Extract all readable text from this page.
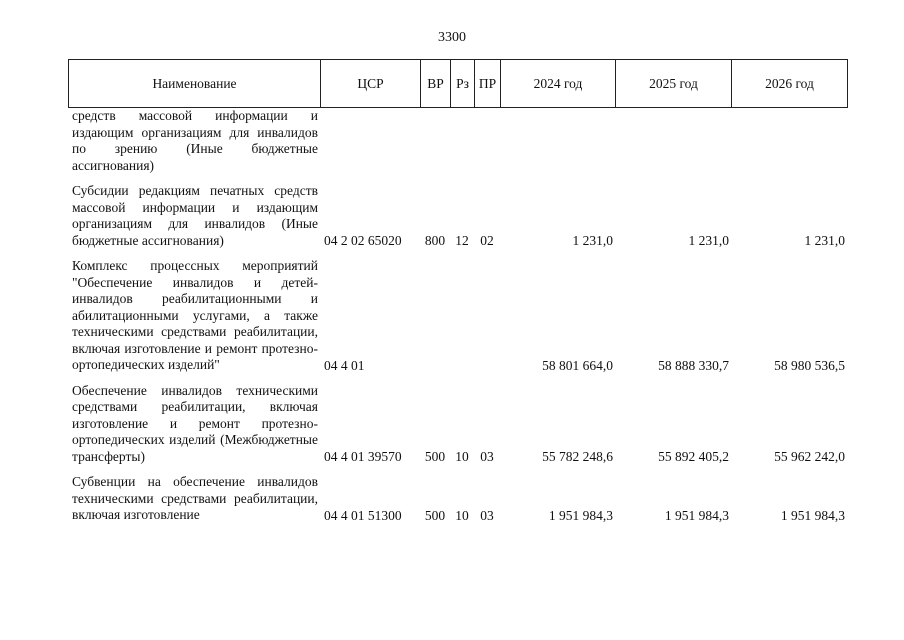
3300
Наименование	ЦСР	ВР	Рз	ПР	2024 год	2025 год	2026 год
средств массовой информации и издающим организациям для инвалидов по зрению (Иные бюджетные ассигнования)							
Субсидии редакциям печатных средств массовой информации и издающим организациям для инвалидов (Иные бюджетные ассигнования)	04 2 02 65020	800	12	02	1 231,0	1 231,0	1 231,0
Комплекс процессных мероприятий "Обеспечение инвалидов и детей-инвалидов реабилитационными и абилитационными услугами, а также техническими средствами реабилитации, включая изготовление и ремонт протезно-ортопедических изделий"	04 4 01				58 801 664,0	58 888 330,7	58 980 536,5
Обеспечение инвалидов техническими средствами реабилитации, включая изготовление и ремонт протезно-ортопедических изделий (Межбюджетные трансферты)	04 4 01 39570	500	10	03	55 782 248,6	55 892 405,2	55 962 242,0
Субвенции на обеспечение инвалидов техническими средствами реабилитации, включая изготовление	04 4 01 51300	500	10	03	1 951 984,3	1 951 984,3	1 951 984,3
